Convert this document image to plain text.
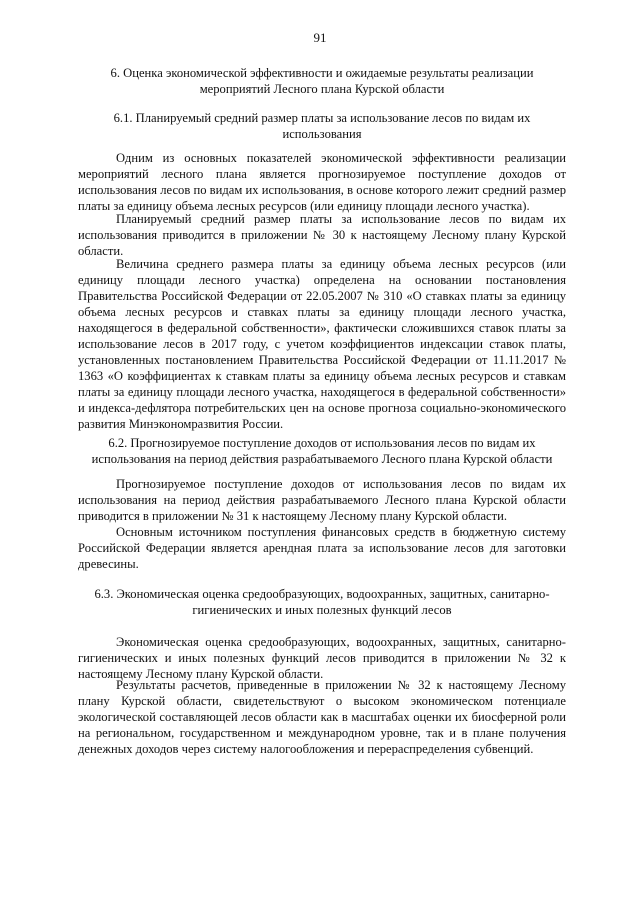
91
6. Оценка экономической эффективности и ожидаемые результаты реализации мероприятий Лесного плана Курской области
6.1. Планируемый средний размер платы за использование лесов по видам их использования

Одним из основных показателей экономической эффективности реализации мероприятий лесного плана является прогнозируемое поступление доходов от использования лесов по видам их использования, в основе которого лежит средний размер платы за единицу объема лесных ресурсов (или единицу площади лесного участка).

Планируемый средний размер платы за использование лесов по видам их использования приводится в приложении № 30 к настоящему Лесному плану Курской области.

Величина среднего размера платы за единицу объема лесных ресурсов (или единицу площади лесного участка) определена на основании постановления Правительства Российской Федерации от 22.05.2007 № 310 «О ставках платы за единицу объема лесных ресурсов и ставках платы за единицу площади лесного участка, находящегося в федеральной собственности», фактически сложившихся ставок платы за использование лесов в 2017 году, с учетом коэффициентов индексации ставок платы, установленных постановлением Правительства Российской Федерации от 11.11.2017 № 1363 «О коэффициентах к ставкам платы за единицу объема лесных ресурсов и ставкам платы за единицу площади лесного участка, находящегося в федеральной собственности» и индекса-дефлятора потребительских цен на основе прогноза социально-экономического развития Минэкономразвития России.

6.2. Прогнозируемое поступление доходов от использования лесов по видам их использования на период действия разрабатываемого Лесного плана Курской области

Прогнозируемое поступление доходов от использования лесов по видам их использования на период действия разрабатываемого Лесного плана Курской области приводится в приложении № 31 к настоящему Лесному плану Курской области.

Основным источником поступления финансовых средств в бюджетную систему Российской Федерации является арендная плата за использование лесов для заготовки древесины.

6.3. Экономическая оценка средообразующих, водоохранных, защитных, санитарно-гигиенических и иных полезных функций лесов

Экономическая оценка средообразующих, водоохранных, защитных, санитарно-гигиенических и иных полезных функций лесов приводится в приложении № 32 к настоящему Лесному плану Курской области.

Результаты расчетов, приведенные в приложении № 32 к настоящему Лесному плану Курской области, свидетельствуют о высоком экономическом потенциале экологической составляющей лесов области как в масштабах оценки их биосферной роли на региональном, государственном и международном уровне, так и в плане получения денежных доходов через систему налогообложения и перераспределения субвенций.
